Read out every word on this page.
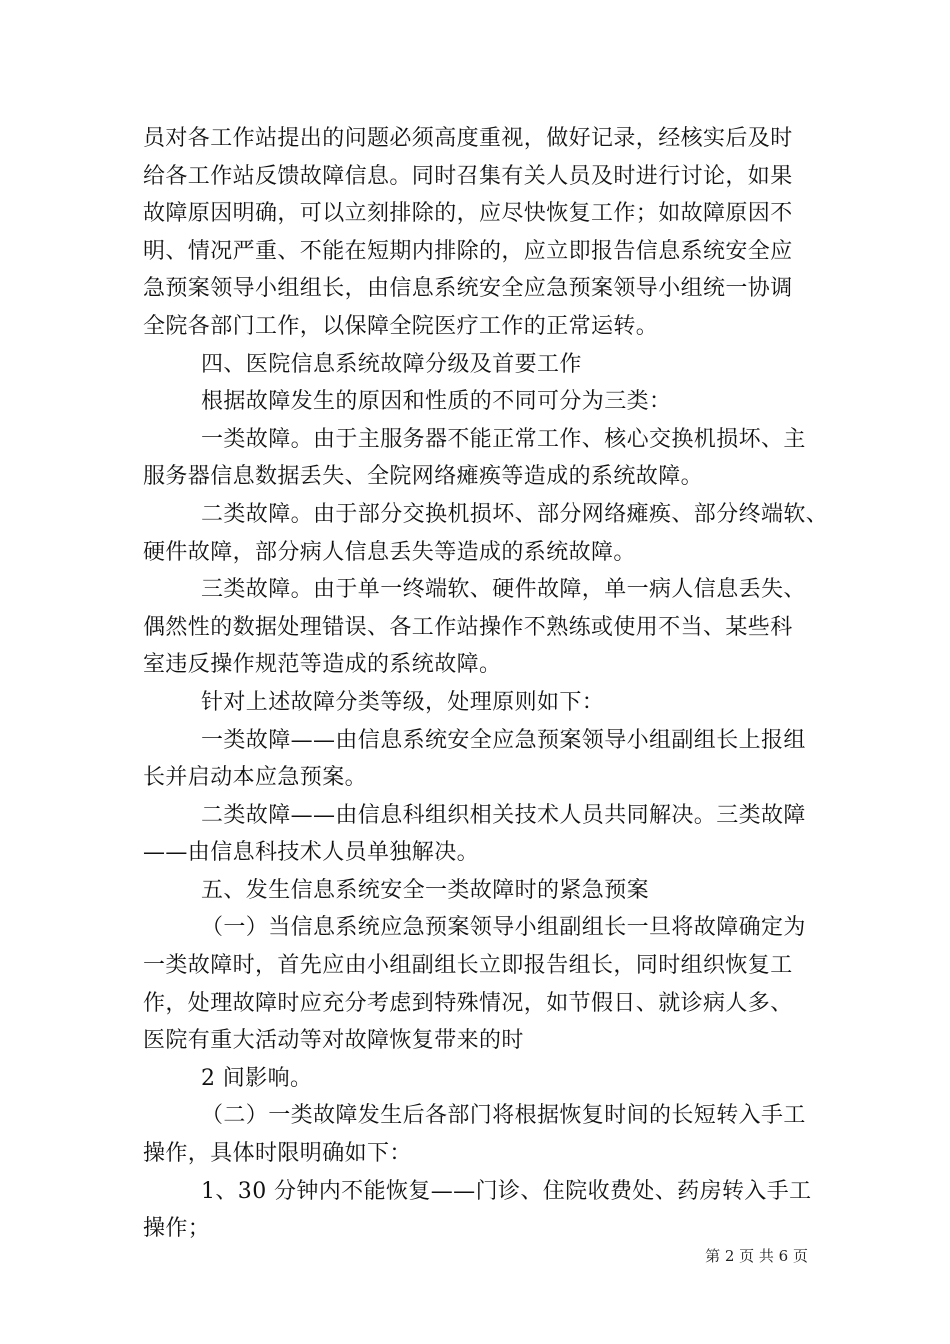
员对各工作站提出的问题必须高度重视，做好记录，经核实后及时
给各工作站反馈故障信息。同时召集有关人员及时进行讨论，如果
故障原因明确，可以立刻排除的，应尽快恢复工作；如故障原因不
明、情况严重、不能在短期内排除的，应立即报告信息系统安全应
急预案领导小组组长，由信息系统安全应急预案领导小组统一协调
全院各部门工作，以保障全院医疗工作的正常运转。
四、医院信息系统故障分级及首要工作
根据故障发生的原因和性质的不同可分为三类：
一类故障。由于主服务器不能正常工作、核心交换机损坏、主
服务器信息数据丢失、全院网络瘫痪等造成的系统故障。
二类故障。由于部分交换机损坏、部分网络瘫痪、部分终端软、
硬件故障，部分病人信息丢失等造成的系统故障。
三类故障。由于单一终端软、硬件故障，单一病人信息丢失、
偶然性的数据处理错误、各工作站操作不熟练或使用不当、某些科
室违反操作规范等造成的系统故障。
针对上述故障分类等级，处理原则如下：
一类故障——由信息系统安全应急预案领导小组副组长上报组
长并启动本应急预案。
二类故障——由信息科组织相关技术人员共同解决。三类故障
——由信息科技术人员单独解决。
五、发生信息系统安全一类故障时的紧急预案
（一）当信息系统应急预案领导小组副组长一旦将故障确定为
一类故障时，首先应由小组副组长立即报告组长，同时组织恢复工
作，处理故障时应充分考虑到特殊情况，如节假日、就诊病人多、
医院有重大活动等对故障恢复带来的时
2 间影响。
（二）一类故障发生后各部门将根据恢复时间的长短转入手工
操作，具体时限明确如下：
1、30 分钟内不能恢复——门诊、住院收费处、药房转入手工
操作；

第 2 页 共 6 页
